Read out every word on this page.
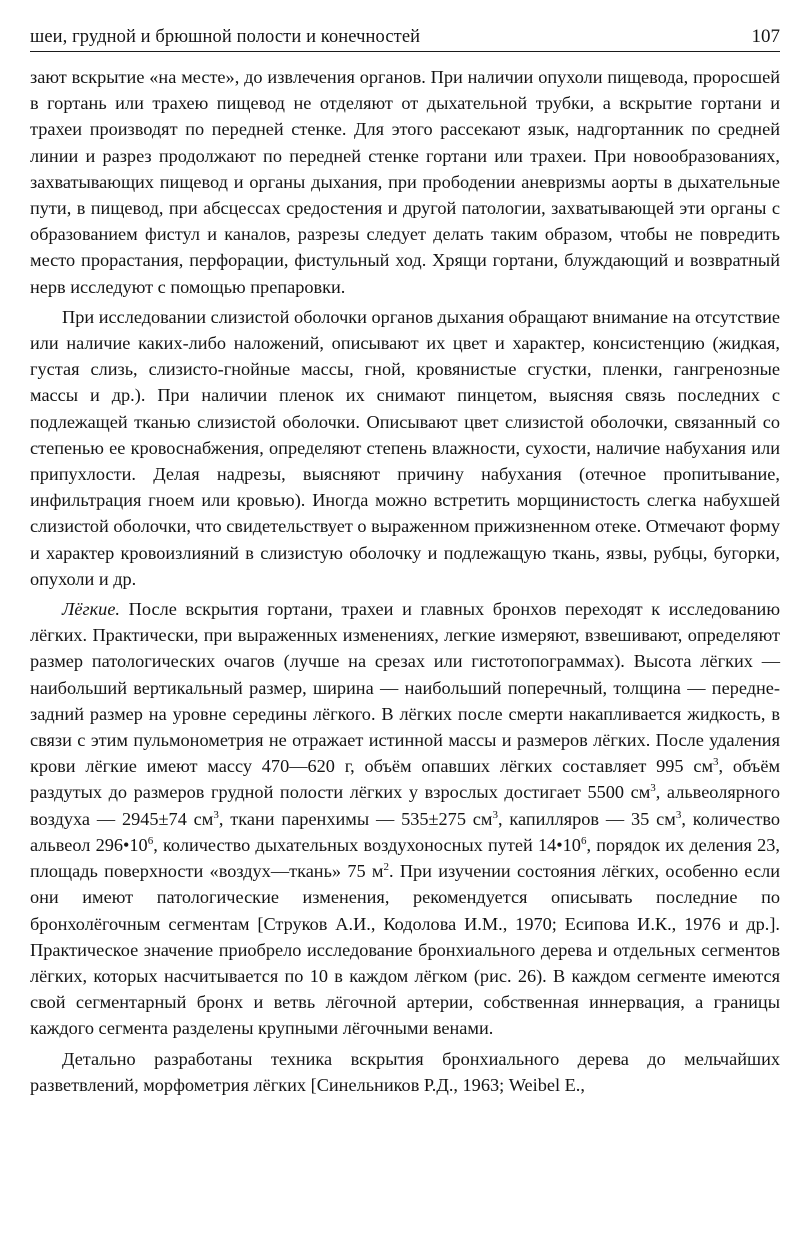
шеи, грудной и брюшной полости и конечностей	107

зают вскрытие «на месте», до извлечения органов. При наличии опухоли пищевода, проросшей в гортань или трахею пищевод не отделяют от дыхательной трубки, а вскрытие гортани и трахеи производят по передней стенке. Для этого рассекают язык, надгортанник по средней линии и разрез продолжают по передней стенке гортани или трахеи. При новообразованиях, захватывающих пищевод и органы дыхания, при прободении аневризмы аорты в дыхательные пути, в пищевод, при абсцессах средостения и другой патологии, захватывающей эти органы с образованием фистул и каналов, разрезы следует делать таким образом, чтобы не повредить место прорастания, перфорации, фистульный ход. Хрящи гортани, блуждающий и возвратный нерв исследуют с помощью препаровки.

При исследовании слизистой оболочки органов дыхания обращают внимание на отсутствие или наличие каких-либо наложений, описывают их цвет и характер, консистенцию (жидкая, густая слизь, слизисто-гнойные массы, гной, кровянистые сгустки, пленки, гангренозные массы и др.). При наличии пленок их снимают пинцетом, выясняя связь последних с подлежащей тканью слизистой оболочки. Описывают цвет слизистой оболочки, связанный со степенью ее кровоснабжения, определяют степень влажности, сухости, наличие набухания или припухлости. Делая надрезы, выясняют причину набухания (отечное пропитывание, инфильтрация гноем или кровью). Иногда можно встретить морщинистость слегка набухшей слизистой оболочки, что свидетельствует о выраженном прижизненном отеке. Отмечают форму и характер кровоизлияний в слизистую оболочку и подлежащую ткань, язвы, рубцы, бугорки, опухоли и др.

Лёгкие. После вскрытия гортани, трахеи и главных бронхов переходят к исследованию лёгких. Практически, при выраженных изменениях, легкие измеряют, взвешивают, определяют размер патологических очагов (лучше на срезах или гистотопограммах). Высота лёгких — наибольший вертикальный размер, ширина — наибольший поперечный, толщина — передне-задний размер на уровне середины лёгкого. В лёгких после смерти накапливается жидкость, в связи с этим пульмонометрия не отражает истинной массы и размеров лёгких. После удаления крови лёгкие имеют массу 470—620 г, объём опавших лёгких составляет 995 $см^3$, объём раздутых до размеров грудной полости лёгких у взрослых достигает 5500 $см^3$, альвеолярного воздуха — 2945±74 $см^3$, ткани паренхимы — 535±275 $см^3$, капилляров — 35 $см^3$, количество альвеол $296•10^6$, количество дыхательных воздухоносных путей $14•10^6$, порядок их деления 23, площадь поверхности «воздух—ткань» 75 $м^2$. При изучении состояния лёгких, особенно если они имеют патологические изменения, рекомендуется описывать последние по бронхолёгочным сегментам [Струков А.И., Кодолова И.М., 1970; Есипова И.К., 1976 и др.]. Практическое значение приобрело исследование бронхиального дерева и отдельных сегментов лёгких, которых насчитывается по 10 в каждом лёгком (рис. 26). В каждом сегменте имеются свой сегментарный бронх и ветвь лёгочной артерии, собственная иннервация, а границы каждого сегмента разделены крупными лёгочными венами.

Детально разработаны техника вскрытия бронхиального дерева до мельчайших разветвлений, морфометрия лёгких [Синельников Р.Д., 1963; Weibel E.,
